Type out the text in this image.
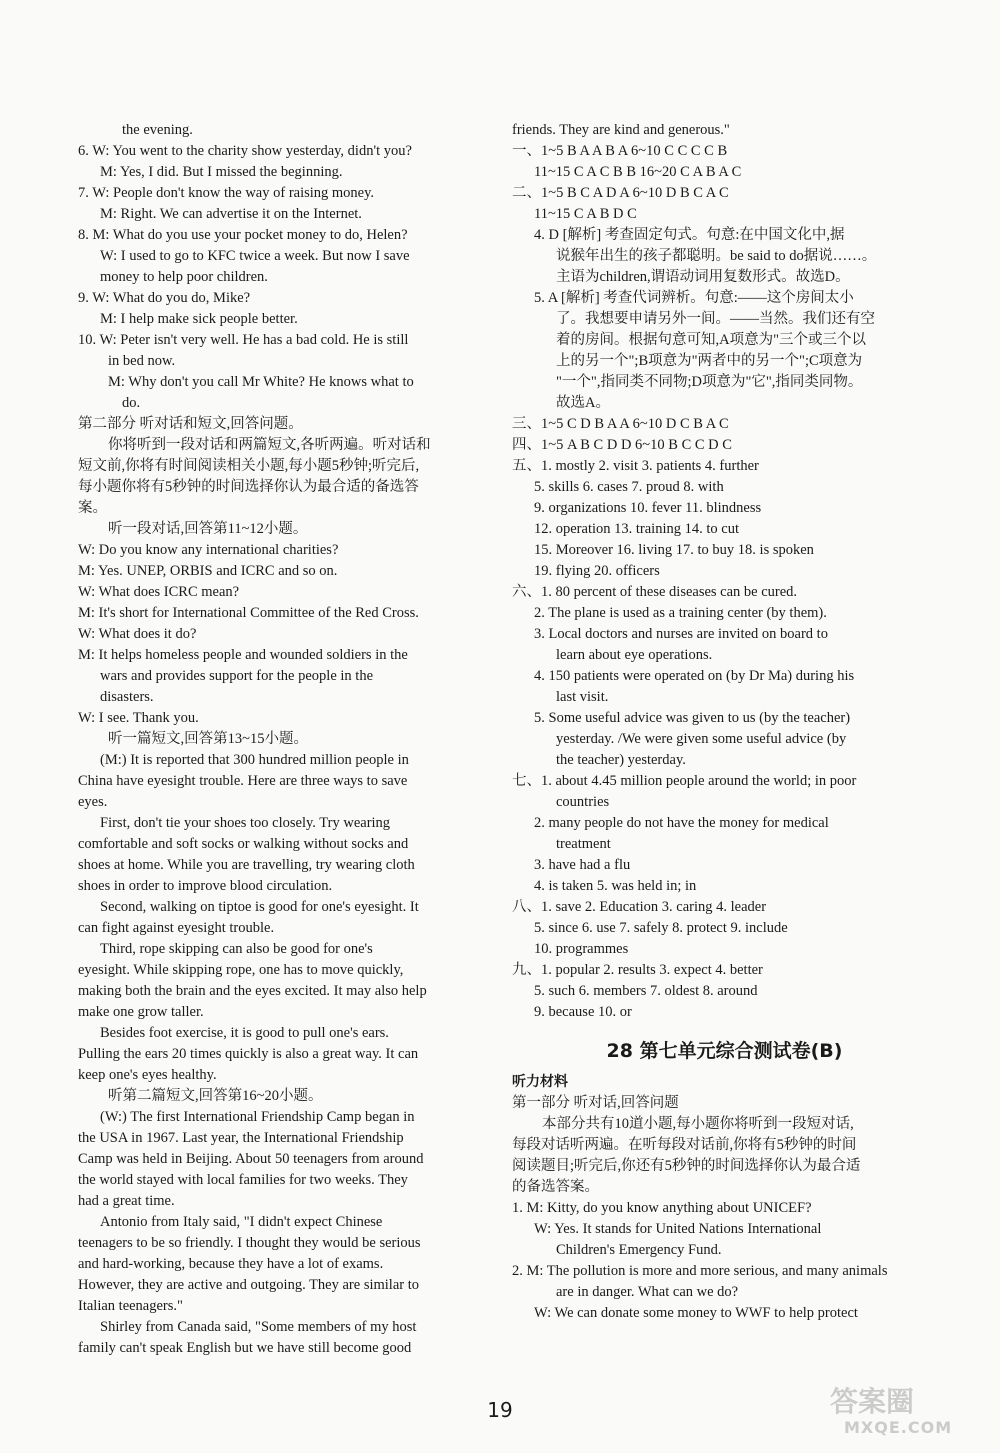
the evening.
6. W: You went to the charity show yesterday, didn't you?
M: Yes, I did. But I missed the beginning.
7. W: People don't know the way of raising money.
M: Right. We can advertise it on the Internet.
8. M: What do you use your pocket money to do, Helen?
W: I used to go to KFC twice a week. But now I save
money to help poor children.
9. W: What do you do, Mike?
M: I help make sick people better.
10. W: Peter isn't very well. He has a bad cold. He is still
in bed now.
M: Why don't you call Mr White? He knows what to
do.
第二部分 听对话和短文,回答问题。
你将听到一段对话和两篇短文,各听两遍。听对话和
短文前,你将有时间阅读相关小题,每小题5秒钟;听完后,
每小题你将有5秒钟的时间选择你认为最合适的备选答
案。
听一段对话,回答第11~12小题。
W: Do you know any international charities?
M: Yes. UNEP, ORBIS and ICRC and so on.
W: What does ICRC mean?
M: It's short for International Committee of the Red Cross.
W: What does it do?
M: It helps homeless people and wounded soldiers in the
wars and provides support for the people in the
disasters.
W: I see. Thank you.
听一篇短文,回答第13~15小题。
(M:) It is reported that 300 hundred million people in
China have eyesight trouble. Here are three ways to save
eyes.
First, don't tie your shoes too closely. Try wearing
comfortable and soft socks or walking without socks and
shoes at home. While you are travelling, try wearing cloth
shoes in order to improve blood circulation.
Second, walking on tiptoe is good for one's eyesight. It
can fight against eyesight trouble.
Third, rope skipping can also be good for one's
eyesight. While skipping rope, one has to move quickly,
making both the brain and the eyes excited. It may also help
make one grow taller.
Besides foot exercise, it is good to pull one's ears.
Pulling the ears 20 times quickly is also a great way. It can
keep one's eyes healthy.
听第二篇短文,回答第16~20小题。
(W:) The first International Friendship Camp began in
the USA in 1967. Last year, the International Friendship
Camp was held in Beijing. About 50 teenagers from around
the world stayed with local families for two weeks. They
had a great time.
Antonio from Italy said, "I didn't expect Chinese
teenagers to be so friendly. I thought they would be serious
and hard-working, because they have a lot of exams.
However, they are active and outgoing. They are similar to
Italian teenagers."
Shirley from Canada said, "Some members of my host
family can't speak English but we have still become good
friends. They are kind and generous."
一、1~5 B A A B A 6~10 C C C C B
11~15 C A C B B 16~20 C A B A C
二、1~5 B C A D A 6~10 D B C A C
11~15 C A B D C
4. D [解析] 考查固定句式。句意:在中国文化中,据
说猴年出生的孩子都聪明。be said to do据说……。
主语为children,谓语动词用复数形式。故选D。
5. A [解析] 考查代词辨析。句意:——这个房间太小
了。我想要申请另外一间。——当然。我们还有空
着的房间。根据句意可知,A项意为"三个或三个以
上的另一个";B项意为"两者中的另一个";C项意为
"一个",指同类不同物;D项意为"它",指同类同物。
故选A。
三、1~5 C D B A A 6~10 D C B A C
四、1~5 A B C D D 6~10 B C C D C
五、1. mostly 2. visit 3. patients 4. further
5. skills 6. cases 7. proud 8. with
9. organizations 10. fever 11. blindness
12. operation 13. training 14. to cut
15. Moreover 16. living 17. to buy 18. is spoken
19. flying 20. officers
六、1. 80 percent of these diseases can be cured.
2. The plane is used as a training center (by them).
3. Local doctors and nurses are invited on board to
learn about eye operations.
4. 150 patients were operated on (by Dr Ma) during his
last visit.
5. Some useful advice was given to us (by the teacher)
yesterday. /We were given some useful advice (by
the teacher) yesterday.
七、1. about 4.45 million people around the world; in poor
countries
2. many people do not have the money for medical
treatment
3. have had a flu
4. is taken 5. was held in; in
八、1. save 2. Education 3. caring 4. leader
5. since 6. use 7. safely 8. protect 9. include
10. programmes
九、1. popular 2. results 3. expect 4. better
5. such 6. members 7. oldest 8. around
9. because 10. or
28 第七单元综合测试卷(B)
听力材料
第一部分 听对话,回答问题
本部分共有10道小题,每小题你将听到一段短对话,
每段对话听两遍。在听每段对话前,你将有5秒钟的时间
阅读题目;听完后,你还有5秒钟的时间选择你认为最合适
的备选答案。
1. M: Kitty, do you know anything about UNICEF?
W: Yes. It stands for United Nations International
Children's Emergency Fund.
2. M: The pollution is more and more serious, and many animals
are in danger. What can we do?
W: We can donate some money to WWF to help protect
19	答案圈
MXQE.COM
